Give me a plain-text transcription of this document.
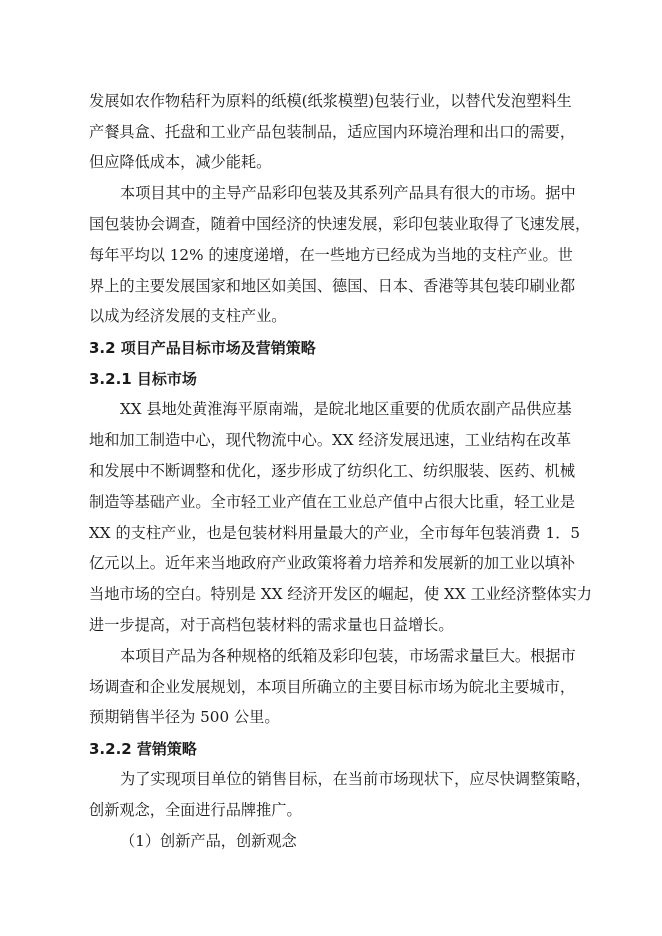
发展如农作物秸秆为原料的纸模(纸浆模塑)包装行业，以替代发泡塑料生
产餐具盒、托盘和工业产品包装制品，适应国内环境治理和出口的需要，
但应降低成本，减少能耗。
本项目其中的主导产品彩印包装及其系列产品具有很大的市场。据中
国包装协会调查，随着中国经济的快速发展，彩印包装业取得了飞速发展，
每年平均以 12% 的速度递增，在一些地方已经成为当地的支柱产业。世
界上的主要发展国家和地区如美国、德国、日本、香港等其包装印刷业都
以成为经济发展的支柱产业。
3.2 项目产品目标市场及营销策略
3.2.1 目标市场
XX 县地处黄淮海平原南端，是皖北地区重要的优质农副产品供应基
地和加工制造中心，现代物流中心。XX 经济发展迅速，工业结构在改革
和发展中不断调整和优化，逐步形成了纺织化工、纺织服装、医药、机械
制造等基础产业。全市轻工业产值在工业总产值中占很大比重，轻工业是
XX 的支柱产业，也是包装材料用量最大的产业，全市每年包装消费 1．5
亿元以上。近年来当地政府产业政策将着力培养和发展新的加工业以填补
当地市场的空白。特别是 XX 经济开发区的崛起，使 XX 工业经济整体实力
进一步提高，对于高档包装材料的需求量也日益增长。
本项目产品为各种规格的纸箱及彩印包装，市场需求量巨大。根据市
场调查和企业发展规划，本项目所确立的主要目标市场为皖北主要城市，
预期销售半径为 500 公里。
3.2.2 营销策略
为了实现项目单位的销售目标，在当前市场现状下，应尽快调整策略，
创新观念，全面进行品牌推广。
（1）创新产品，创新观念
